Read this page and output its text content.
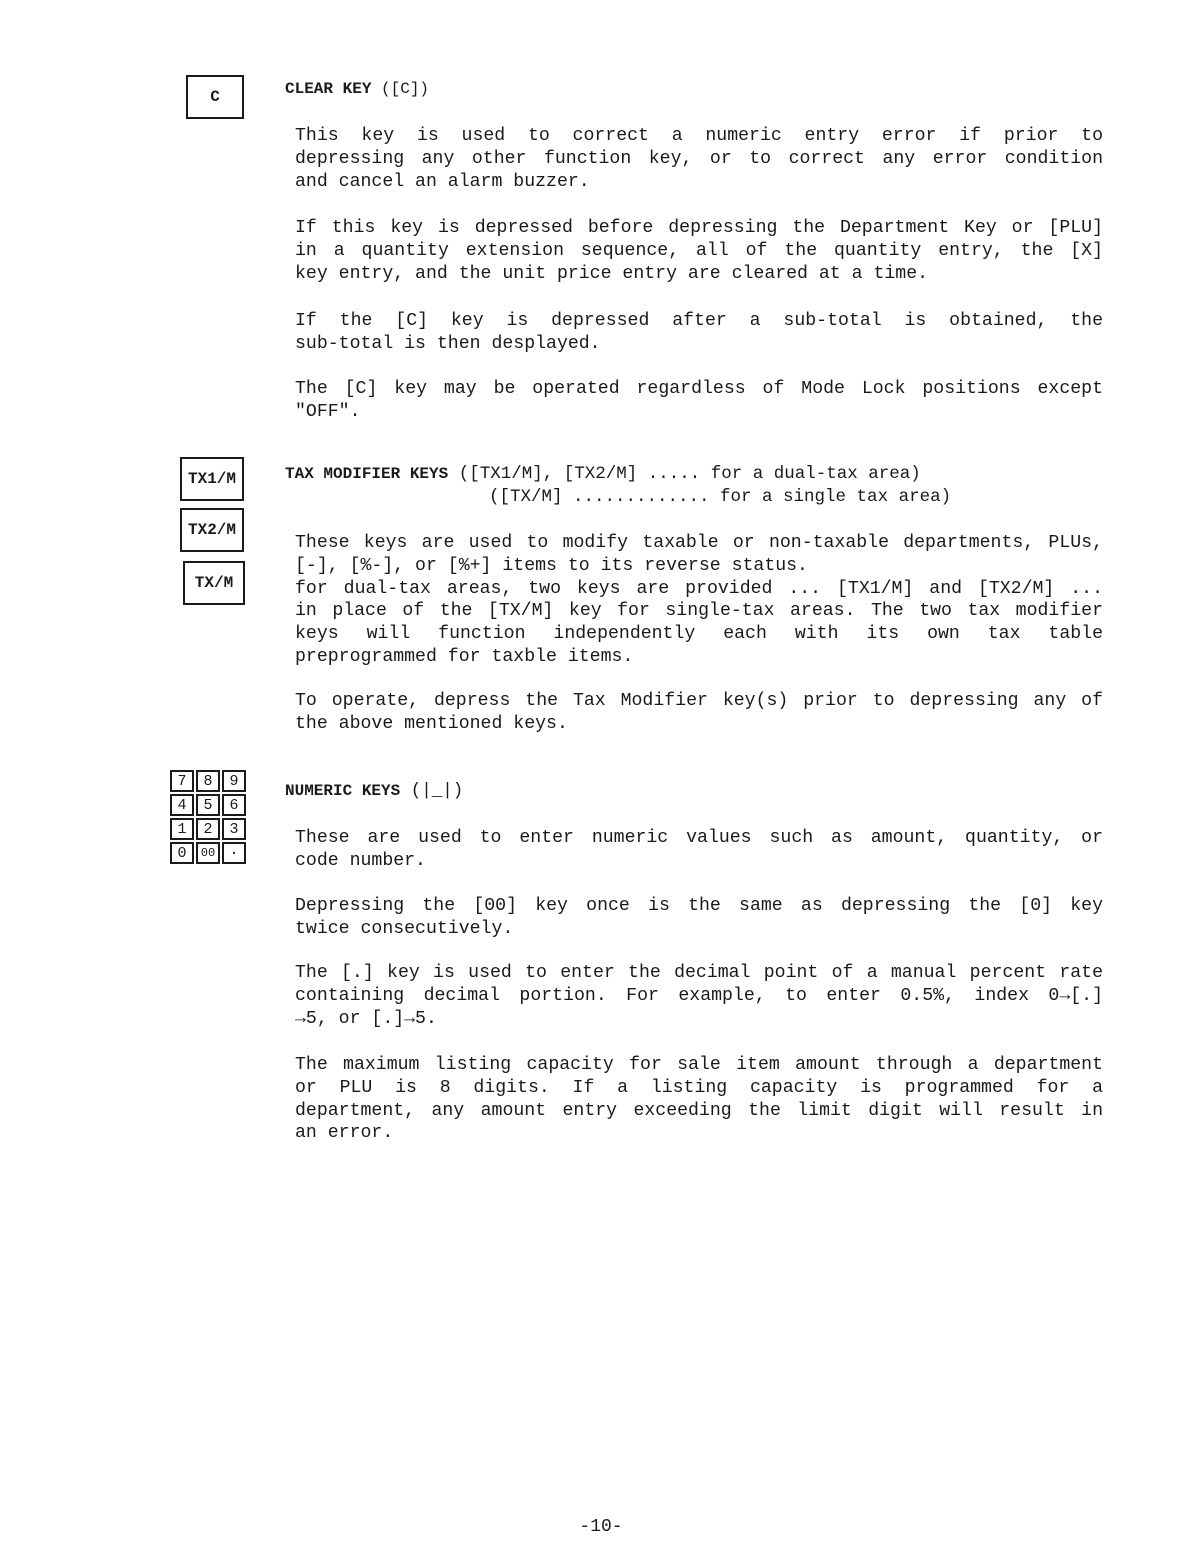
C	CLEAR KEY ([C])
This key is used to correct a numeric entry error if prior to
depressing any other function key, or to correct any error condition
and cancel an alarm buzzer.
If this key is depressed before depressing the Department Key or [PLU]
in a quantity extension sequence, all of the quantity entry, the [X]
key entry, and the unit price entry are cleared at a time.
If the [C] key is depressed after a sub-total is obtained, the
sub-total is then desplayed.
The [C] key may be operated regardless of Mode Lock positions except
"OFF".
TX1/M
TX2/M
TX/M
TAX MODIFIER KEYS ([TX1/M], [TX2/M] ..... for a dual-tax area)
([TX/M] ............. for a single tax area)
These keys are used to modify taxable or non-taxable departments, PLUs,
[-], [%-], or [%+] items to its reverse status.
for dual-tax areas, two keys are provided ... [TX1/M] and [TX2/M] ...
in place of the [TX/M] key for single-tax areas. The two tax modifier
keys will function independently each with its own tax table
preprogrammed for taxble items.
To operate, depress the Tax Modifier key(s) prior to depressing any of
the above mentioned keys.
7	8	9
4	5	6
1	2	3
0	00 ·
NUMERIC KEYS (|_|)
These are used to enter numeric values such as amount, quantity, or
code number.
Depressing the [00] key once is the same as depressing the [0] key
twice consecutively.
The [.] key is used to enter the decimal point of a manual percent rate
containing decimal portion. For example, to enter 0.5%, index 0→[.]
→5, or [.]→5.
The maximum listing capacity for sale item amount through a department
or PLU is 8 digits. If a listing capacity is programmed for a
department, any amount entry exceeding the limit digit will result in
an error.
-10-
